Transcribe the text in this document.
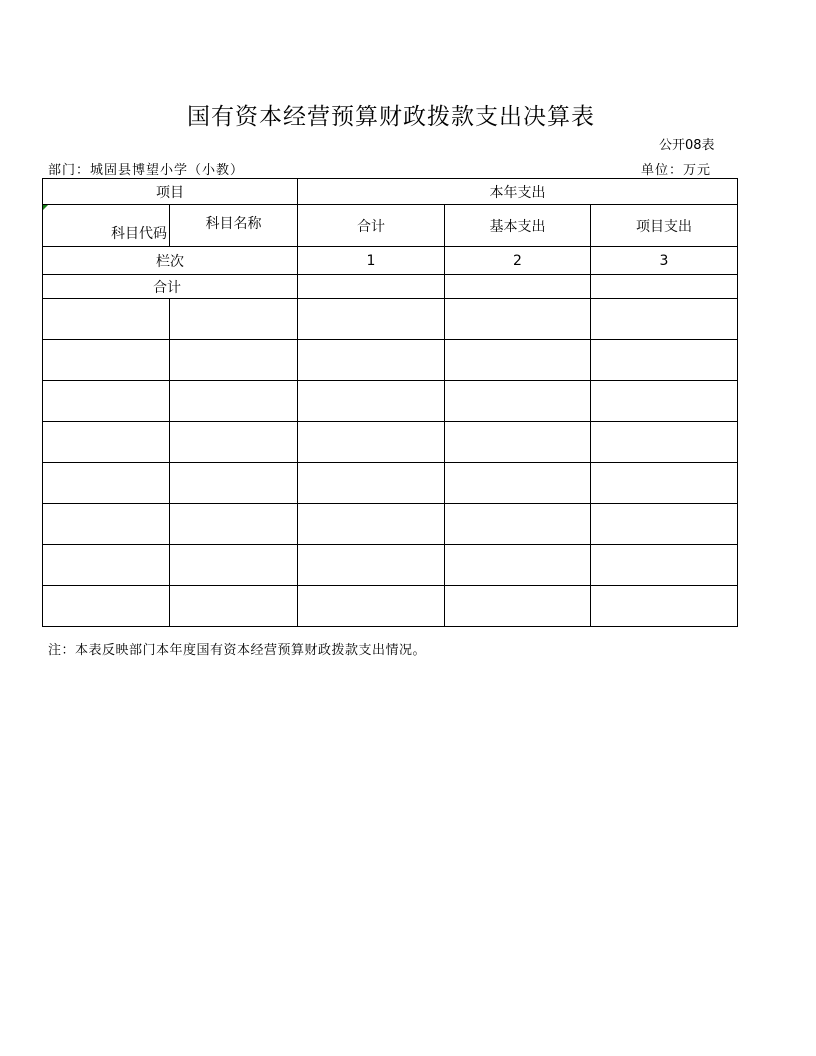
国有资本经营预算财政拨款支出决算表
公开08表
部门：城固县博望小学（小教）	单位：万元
项目		本年支出		

科目代码	科目名称	合计	基本支出	项目支出
栏次		1	2	3
合计				

注：本表反映部门本年度国有资本经营预算财政拨款支出情况。
